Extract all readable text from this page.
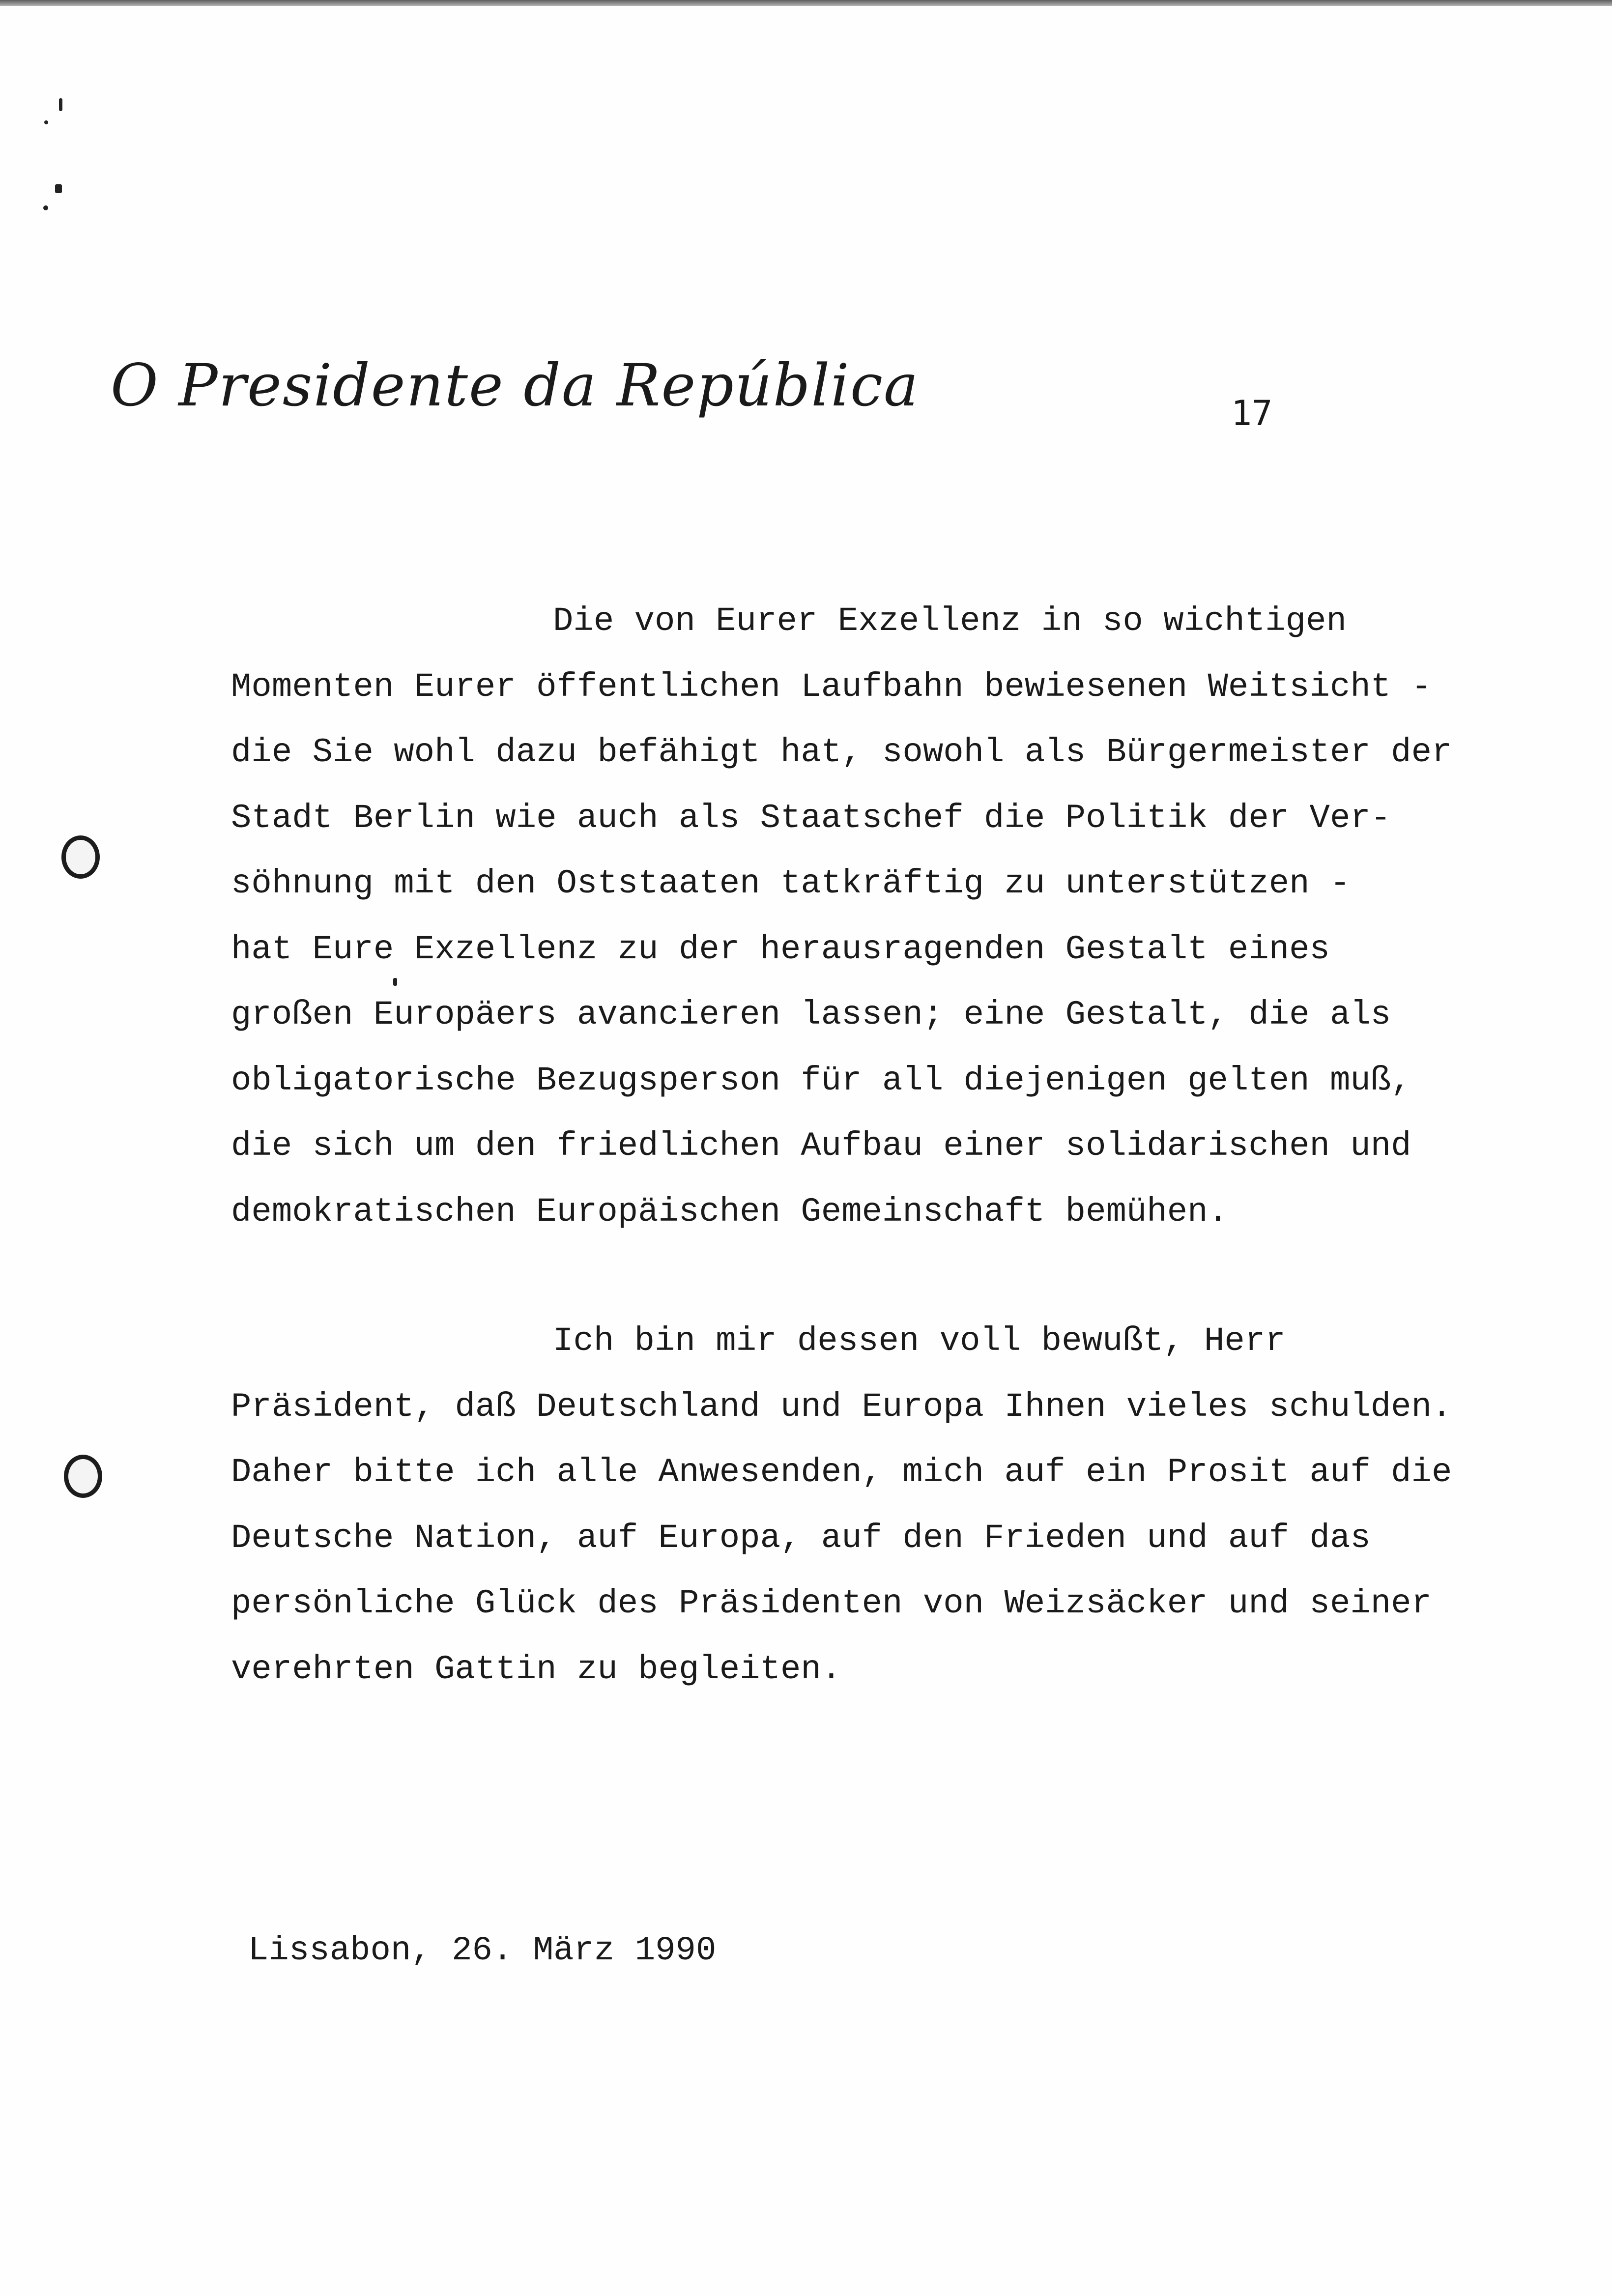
O Presidente da República	17
Die von Eurer Exzellenz in so wichtigen
Momenten Eurer öffentlichen Laufbahn bewiesenen Weitsicht -
die Sie wohl dazu befähigt hat, sowohl als Bürgermeister der
Stadt Berlin wie auch als Staatschef die Politik der Ver-
söhnung mit den Oststaaten tatkräftig zu unterstützen -
hat Eure Exzellenz zu der herausragenden Gestalt eines
großen Europäers avancieren lassen; eine Gestalt, die als
obligatorische Bezugsperson für all diejenigen gelten muß,
die sich um den friedlichen Aufbau einer solidarischen und
demokratischen Europäischen Gemeinschaft bemühen.
Ich bin mir dessen voll bewußt, Herr
Präsident, daß Deutschland und Europa Ihnen vieles schulden.
Daher bitte ich alle Anwesenden, mich auf ein Prosit auf die
Deutsche Nation, auf Europa, auf den Frieden und auf das
persönliche Glück des Präsidenten von Weizsäcker und seiner
verehrten Gattin zu begleiten.
Lissabon, 26. März 1990
